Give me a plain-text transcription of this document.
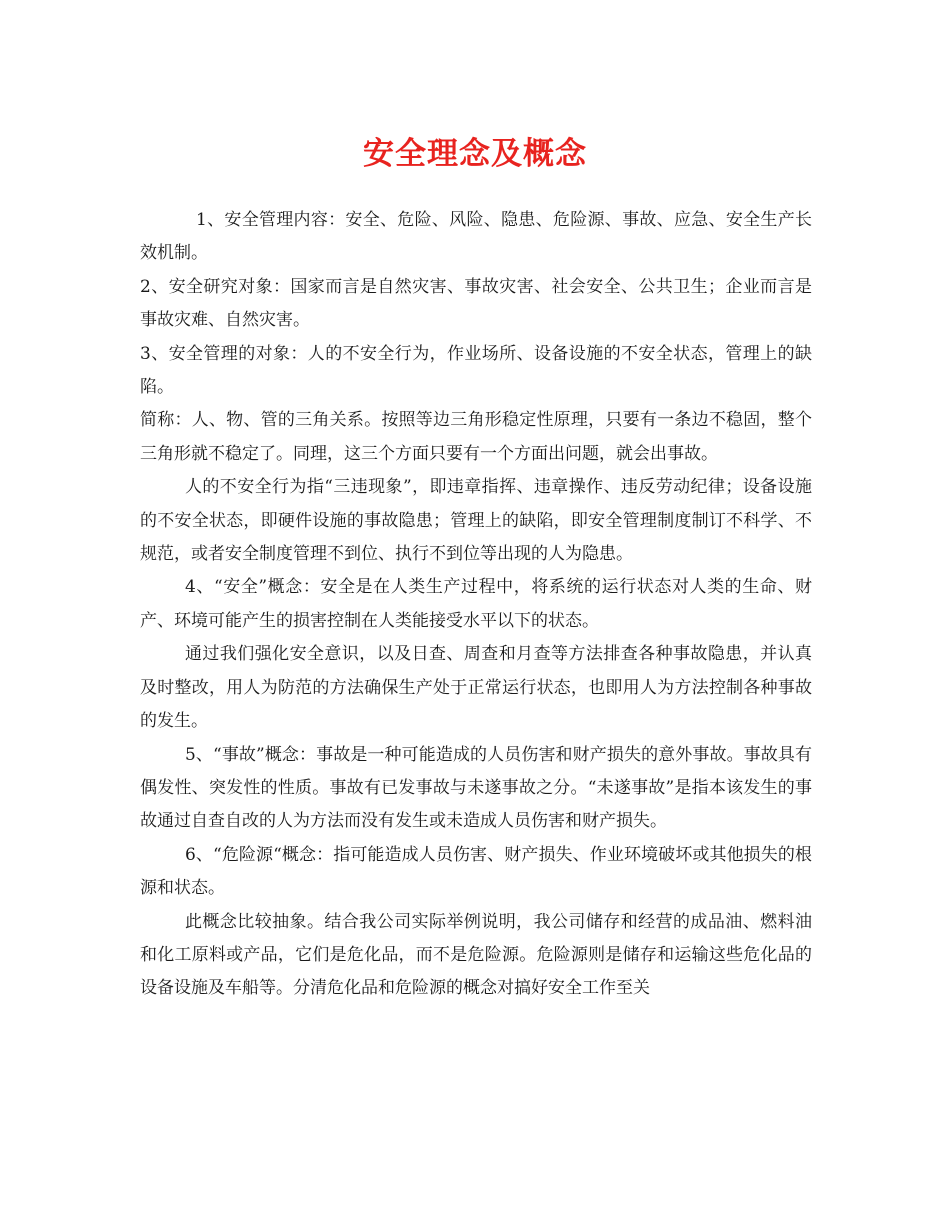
安全理念及概念

1、安全管理内容：安全、危险、风险、隐患、危险源、事故、应急、安全生产长效机制。

2、安全研究对象：国家而言是自然灾害、事故灾害、社会安全、公共卫生；企业而言是事故灾难、自然灾害。

3、安全管理的对象：人的不安全行为，作业场所、设备设施的不安全状态，管理上的缺陷。

简称：人、物、管的三角关系。按照等边三角形稳定性原理，只要有一条边不稳固，整个三角形就不稳定了。同理，这三个方面只要有一个方面出问题，就会出事故。

人的不安全行为指“三违现象”，即违章指挥、违章操作、违反劳动纪律；设备设施的不安全状态，即硬件设施的事故隐患；管理上的缺陷，即安全管理制度制订不科学、不规范，或者安全制度管理不到位、执行不到位等出现的人为隐患。

4、“安全”概念：安全是在人类生产过程中，将系统的运行状态对人类的生命、财产、环境可能产生的损害控制在人类能接受水平以下的状态。

通过我们强化安全意识，以及日查、周查和月查等方法排查各种事故隐患，并认真及时整改，用人为防范的方法确保生产处于正常运行状态，也即用人为方法控制各种事故的发生。

5、“事故”概念：事故是一种可能造成的人员伤害和财产损失的意外事故。事故具有偶发性、突发性的性质。事故有已发事故与未遂事故之分。“未遂事故”是指本该发生的事故通过自查自改的人为方法而没有发生或未造成人员伤害和财产损失。

6、“危险源“概念：指可能造成人员伤害、财产损失、作业环境破坏或其他损失的根源和状态。

此概念比较抽象。结合我公司实际举例说明，我公司储存和经营的成品油、燃料油和化工原料或产品，它们是危化品，而不是危险源。危险源则是储存和运输这些危化品的设备设施及车船等。分清危化品和危险源的概念对搞好安全工作至关
